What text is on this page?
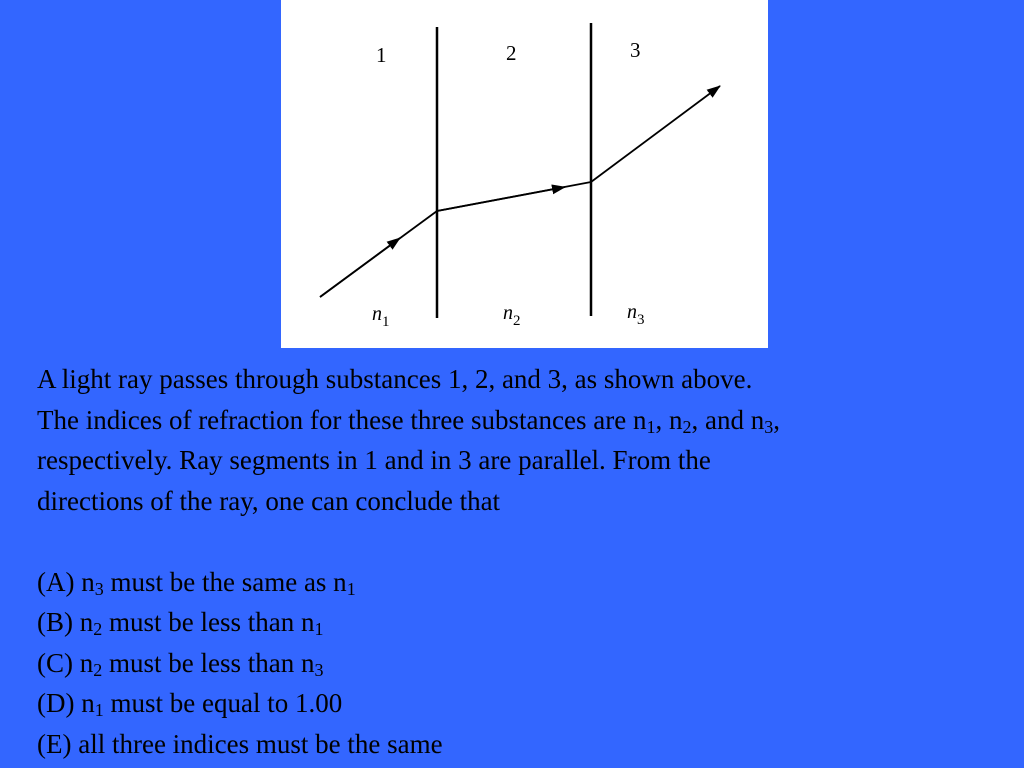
1	2	3
$n_1$	$n_2$	$n_3$

A light ray passes through substances 1, 2, and 3, as shown above.

The indices of refraction for these three substances are $n_1$, $n_2$, and $n_3$,

respectively. Ray segments in 1 and in 3 are parallel. From the

directions of the ray, one can conclude that

(A) $n_3$ must be the same as $n_1$
(B) $n_2$ must be less than $n_1$
(C) $n_2$ must be less than $n_3$
(D) $n_1$ must be equal to 1.00
(E) all three indices must be the same
